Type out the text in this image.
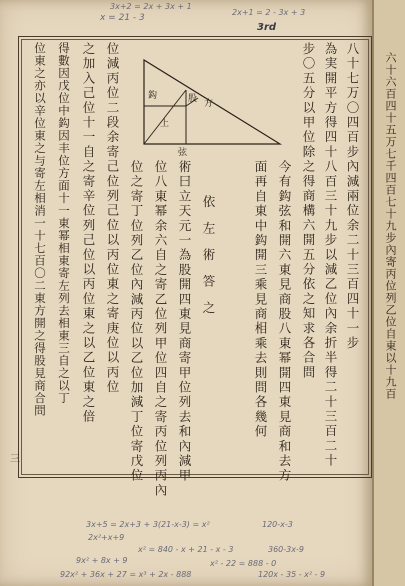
3x+2 = 2x + 3x + 1
x = 21 - 3
2x+1 = 2 - 3x + 3
3rd
鈎	股 方
上
弦	八十七万〇四百步內減兩位余二十三百四十一步
為実開平方得四十八百三十九步以減乙位內余折半得二十三百二十
步〇五分以甲位除之得商構六開五分依之知求各合問
今有鈎弦和開六東見商股八東幂開四東見商和去方
面再自東中鈎開三乘見商相乘去則問各幾何
依左術答之
術曰立天元一為股開四東見商寄甲位列去和內減甲
位八東幂余六自之寄乙位列甲位四自之寄丙位列丙內
位之寄丁位列乙位內減丙位以乙位加減丁位寄戊位
位減丙位二段余寄己位列己位以丙位東之寄庚位以丙位
之加入己位十一自之寄辛位列己位以丙位東之以乙位東之倍
得數因戊位中鈎因丰位方面十一東幂相東寄左列去相東三自之以丁
位東之亦以辛位東之与寄左相消一十七百〇二東方開之得股見商合問
三
3x+5 = 2x+3 + 3(21-x-3) = x²	120-x-3
2x²+x+9
x² = 840 - x + 21 - x - 3	360-3x-9
9x² + 8x + 9	x² - 22 = 888 - 0
92x² + 36x + 27 = x³ + 2x - 888	120x - 35 - x² - 9
六十六百四十五万七千四百七十九步內寄丙位列乙位自東以十九百
